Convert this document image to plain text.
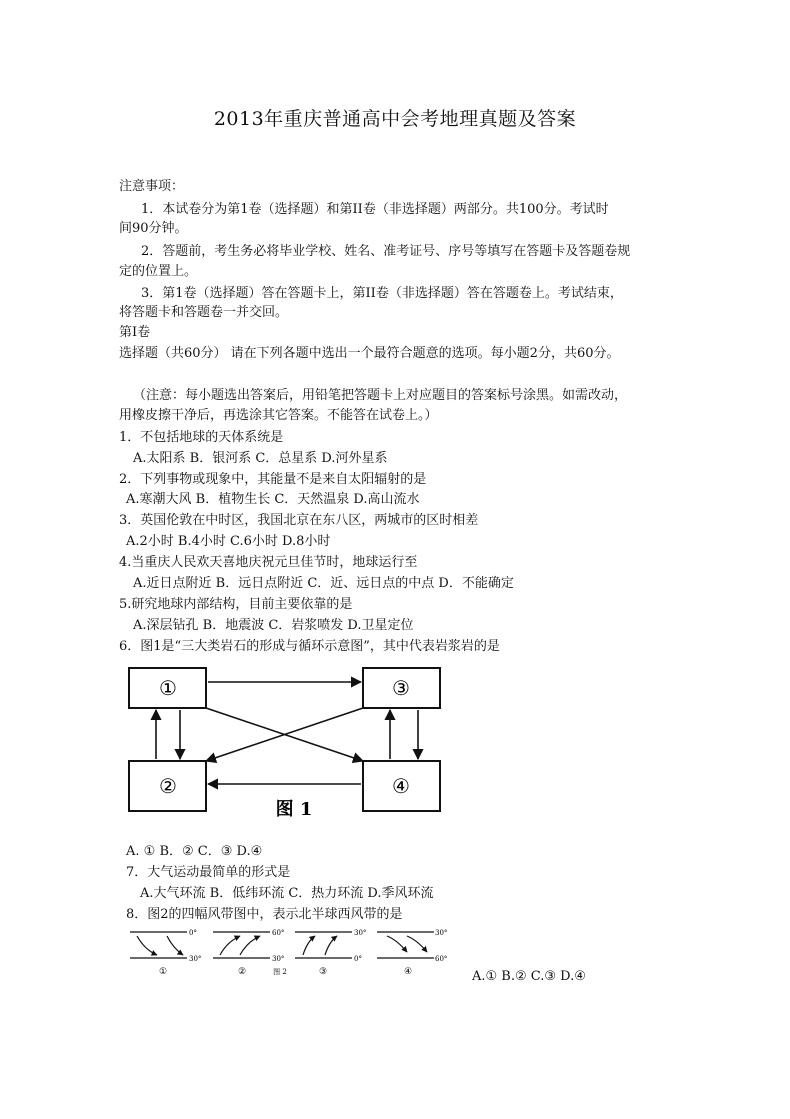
2013年重庆普通高中会考地理真题及答案
注意事项：
1．本试卷分为第1卷（选择题）和第II卷（非选择题）两部分。共100分。考试时
间90分钟。
2．答题前，考生务必将毕业学校、姓名、准考证号、序号等填写在答题卡及答题卷规
定的位置上。
3．第1卷（选择题）答在答题卡上，第II卷（非选择题）答在答题卷上。考试结束，
将答题卡和答题卷一并交回。
第I卷
选择题（共60分） 请在下列各题中选出一个最符合题意的选项。每小题2分，共60分。
（注意：每小题选出答案后，用铅笔把答题卡上对应题目的答案标号涂黑。如需改动，
用橡皮擦干净后，再选涂其它答案。不能答在试卷上。）
1．不包括地球的天体系统是
A.太阳系 B．银河系 C．总星系 D.河外星系
2．下列事物或现象中，其能量不是来自太阳辐射的是
A.寒潮大风 B．植物生长 C．天然温泉 D.高山流水
3．英国伦敦在中时区，我国北京在东八区，两城市的区时相差
A.2小时 B.4小时 C.6小时 D.8小时
4.当重庆人民欢天喜地庆祝元旦佳节时，地球运行至
A.近日点附近 B．远日点附近 C．近、远日点的中点 D．不能确定
5.研究地球内部结构，目前主要依靠的是
A.深层钻孔 B．地震波 C．岩浆喷发 D.卫星定位
6．图1是“三大类岩石的形成与循环示意图”，其中代表岩浆岩的是
①	③
②	④
图 1
A. ① B．② C．③ D.④
7．大气运动最简单的形式是
A.大气环流 B．低纬环流 C．热力环流 D.季风环流
8．图2的四幅风带图中，表示北半球西风带的是
0°
30°
①
60°
30°
②	图 2
30°
0°
③
30°
60°
④	A.① B.② C.③ D.④
